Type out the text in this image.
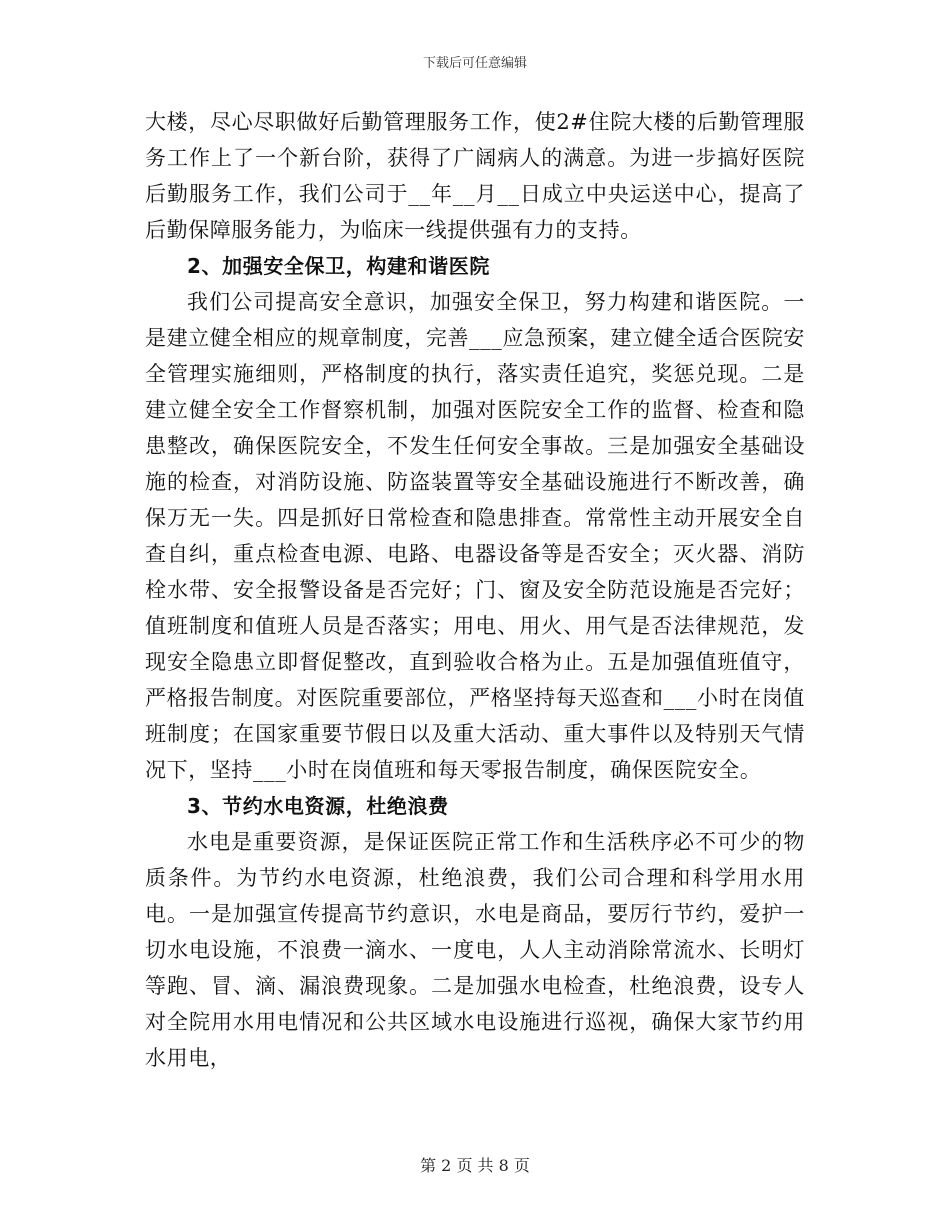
下载后可任意编辑

大楼，尽心尽职做好后勤管理服务工作，使2#住院大楼的后勤管理服务工作上了一个新台阶，获得了广阔病人的满意。为进一步搞好医院后勤服务工作，我们公司于__年__月__日成立中央运送中心，提高了后勤保障服务能力，为临床一线提供强有力的支持。

2、加强安全保卫，构建和谐医院

我们公司提高安全意识，加强安全保卫，努力构建和谐医院。一是建立健全相应的规章制度，完善___应急预案，建立健全适合医院安全管理实施细则，严格制度的执行，落实责任追究，奖惩兑现。二是建立健全安全工作督察机制，加强对医院安全工作的监督、检查和隐患整改，确保医院安全，不发生任何安全事故。三是加强安全基础设施的检查，对消防设施、防盗装置等安全基础设施进行不断改善，确保万无一失。四是抓好日常检查和隐患排查。常常性主动开展安全自查自纠，重点检查电源、电路、电器设备等是否安全；灭火器、消防栓水带、安全报警设备是否完好；门、窗及安全防范设施是否完好；值班制度和值班人员是否落实；用电、用火、用气是否法律规范，发现安全隐患立即督促整改，直到验收合格为止。五是加强值班值守，严格报告制度。对医院重要部位，严格坚持每天巡查和___小时在岗值班制度；在国家重要节假日以及重大活动、重大事件以及特别天气情况下，坚持___小时在岗值班和每天零报告制度，确保医院安全。

3、节约水电资源，杜绝浪费

水电是重要资源，是保证医院正常工作和生活秩序必不可少的物质条件。为节约水电资源，杜绝浪费，我们公司合理和科学用水用电。一是加强宣传提高节约意识，水电是商品，要厉行节约，爱护一切水电设施，不浪费一滴水、一度电，人人主动消除常流水、长明灯等跑、冒、滴、漏浪费现象。二是加强水电检查，杜绝浪费，设专人对全院用水用电情况和公共区域水电设施进行巡视，确保大家节约用水用电，

第 2 页 共 8 页
